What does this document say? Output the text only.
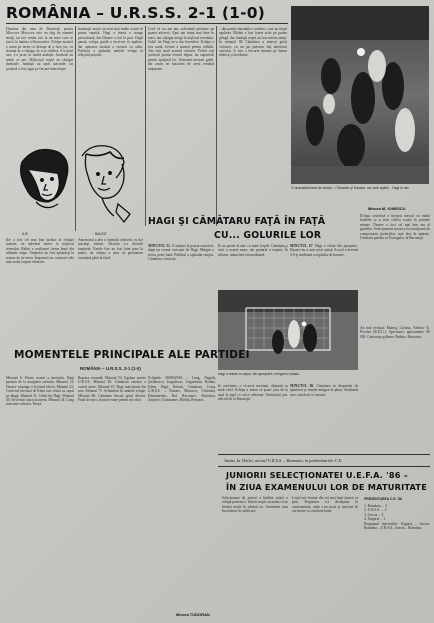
ROMÂNIA – U.R.S.S. 2-1 (1-0)
Dunărea din ziua de Bucureşti pentru Moscova Moscova este un târg de oameni mulţi, iar noi venim aici la un meci care se joacă la lumina reflectoarelor. Echipa noastră a intrat pe teren cu dorinţa de a face joc, cu dorinţa de a câştiga, de a se califica. S-a jucat tare, s-a jucat cu multă ambiţie. Jucătorii au arătat ce pot. Mijlocaşii noştri au câştigat duelurile, fundaşii au oprit atacurile, iar portarul a fost sigur pe fiecare intervenţie.
ILIE	BALINT
Înaintaşii noştri au avut mai multe ocazii în prima repriză. Hagi a trimis o minge periculoasă, dar Dasaev a fost la post. După pauză, echipa gazdă a încercat să egaleze, dar apărarea noastră a rezistat cu calm. Publicul a aplaudat ambele echipe la sfârşitul partidei.
Cred că nu am pus suficientă presiune pe poarta adversă. Apoi am intrat mai bine în meci, am câştigat mingi la mijlocul terenului. Golul lui Hagi ne-a dat încredere. Echipa a fost unită, fiecare a muncit pentru celălalt. Am vrut mult această victorie. Felicit toţi jucătorii pentru efortul depus, iar suporterii pentru sprijinul lor. Urmează meciuri grele, dar acum ne bucurăm de acest rezultat important.
...din partea atacanţilor sovietici, care au forţat egalarea. Blohin a fost foarte activ pe partea stângă, dar fundaşii noştri au fost mereu atenţi. În minutul 86 Cămătaru a marcat golul victoriei, cu un şut puternic din interiorul careului. A fost o bucurie imensă pe banca tehnică şi în tribune.
O dramatică fază de ofsaid... Chivadze şi Dasaev, cel care apără... Hagi în aer.
Echipa sovietică a început meciul cu multă hotărâre şi a avut câteva ocazii în primele minute. Dasaev a fost cel mai bun om al gazdelor. Selecţionerul nostru a fost mulţumit de comportarea jucătorilor, mai ales în apărare. Urmează partida cu Portugalia, la Bucureşti.
HAGI ŞI CĂMĂTARU FAŢĂ ÎN FAŢĂ
CU... GOLURILE LOR
MINUTUL 52. O acţiune la poarta sovietică, după un corner executat de Hagi. Mingea a trecut peste bară. Publicul a aplaudat reuşita. Cămătaru a insistat.
Ei au pornit la atac cu toate forţele. Cămătaru a avut o ocazie mare, dar portarul a respins. În tribune, atmosferă extraordinară.
MINUTUL 67. Hagi a reluat din apropiere, Dasaev nu a avut nicio şansă. Scorul a devenit 2-0 şi stadionul a explodat de bucurie.
Hagi a reluat cu capul, din apropiere, mingea în plasă...
MOMENTELE PRINCIPALE ALE PARTIDEI
ROMÂNIA – U.R.S.S. 2-1 (1-0)
Ilie a fost cel mai bun jucător al echipei noastre, un adevărat motor la mijlocul terenului. Balint a confirmat forma bună din ultimele etape. Amândoi au fost aplaudaţi la ieşirea de pe teren. Împreună au construit cele mai multe acţiuni ofensive.
Antrenorul a ales o formulă ofensivă, cu doi atacanţi vârfuri. Decizia s-a dovedit inspirată. Fazele fixe au fost bine puse la punct, iar echipa a ştiut să gestioneze avantajul până la final.
Minutul 6: Prima ocazie a meciului, Hagi şutează de la marginea careului. Minutul 14: Dasaev respinge o lovitură liberă. Minutul 23: Cornerul executat de Klein este reluat cu capul pe lângă. Minutul 31: Golul lui Hagi. Minutul 40: Sovieticii atacă insistent. Minutul 44: Lung intervine salvator. Pauză.
Repriza secundă: Minutul 52: Egalare pentru U.R.S.S. Minutul 58: Cămătaru ratează o ocazie mare. Minutul 67: Hagi marchează din nou. Minutul 75: Schimbări în ambele echipe. Minutul 86: Cămătaru înscrie golul decisiv. Final de meci, bucurie mare pentru tricolori.
Echipele: ROMÂNIA – Lung, Negrilă, Ştefănescu, Iorgulescu, Ungureanu, Rednic, Klein, Hagi, Boloni, Cămătaru, Coraş. U.R.S.S. – Dasaev, Morozov, Chivadze, Demianenko, Bal, Bessonov, Aleinikov, Zavarov, Gotsmanov, Blohin, Protasov.
Mircea TUDORAN
În concluzie, o victorie meritată, obţinută cu mult efort. Echipa a arătat că poate juca de la egal la egal cu orice adversar. Următorul pas: meciul de la Bucureşti.
MINUTUL 86. Cămătaru se desprinde de apărători şi trimite mingea în plasă. Stadionul tace, tricolorii se bucură.
Au mai evoluat: Mateuţ, Lăcătuş. Arbitru: K. Peschel (R.D.G.). Spectatori: aproximativ 80 000. Cartonaşe galbene: Rednic, Bessonov.
Mircea M. IONESCU
Astăzi, la Tbilisi, meciul U.R.S.S. – Ramania, în preliminariile C.E.
JUNIORII SELECŢIONATEI U.E.F.A. '86 –
ÎN ZIUA EXAMENULUI LOR DE MATURITATE
Selecţionata de juniori a întâlnit astăzi o echipă puternică. Tinerii noştri au arătat că au învăţat multe în ultimul an. Antrenorii sunt încrezători în calificare.
Lotul este format din cei mai buni juniori ai ţării. Pregătirea s-a desfăşurat în cantonament, unde s-au jucat şi meciuri de verificare cu rezultate bune.
PREZENTAREA C.E. '86
1. România ... 4
2. U.R.S.S. ... 3
3. Grecia ... 2
4. Ungaria ... 1
Programul meciurilor: Ungaria – Grecia, România – U.R.S.S., Grecia – România.
